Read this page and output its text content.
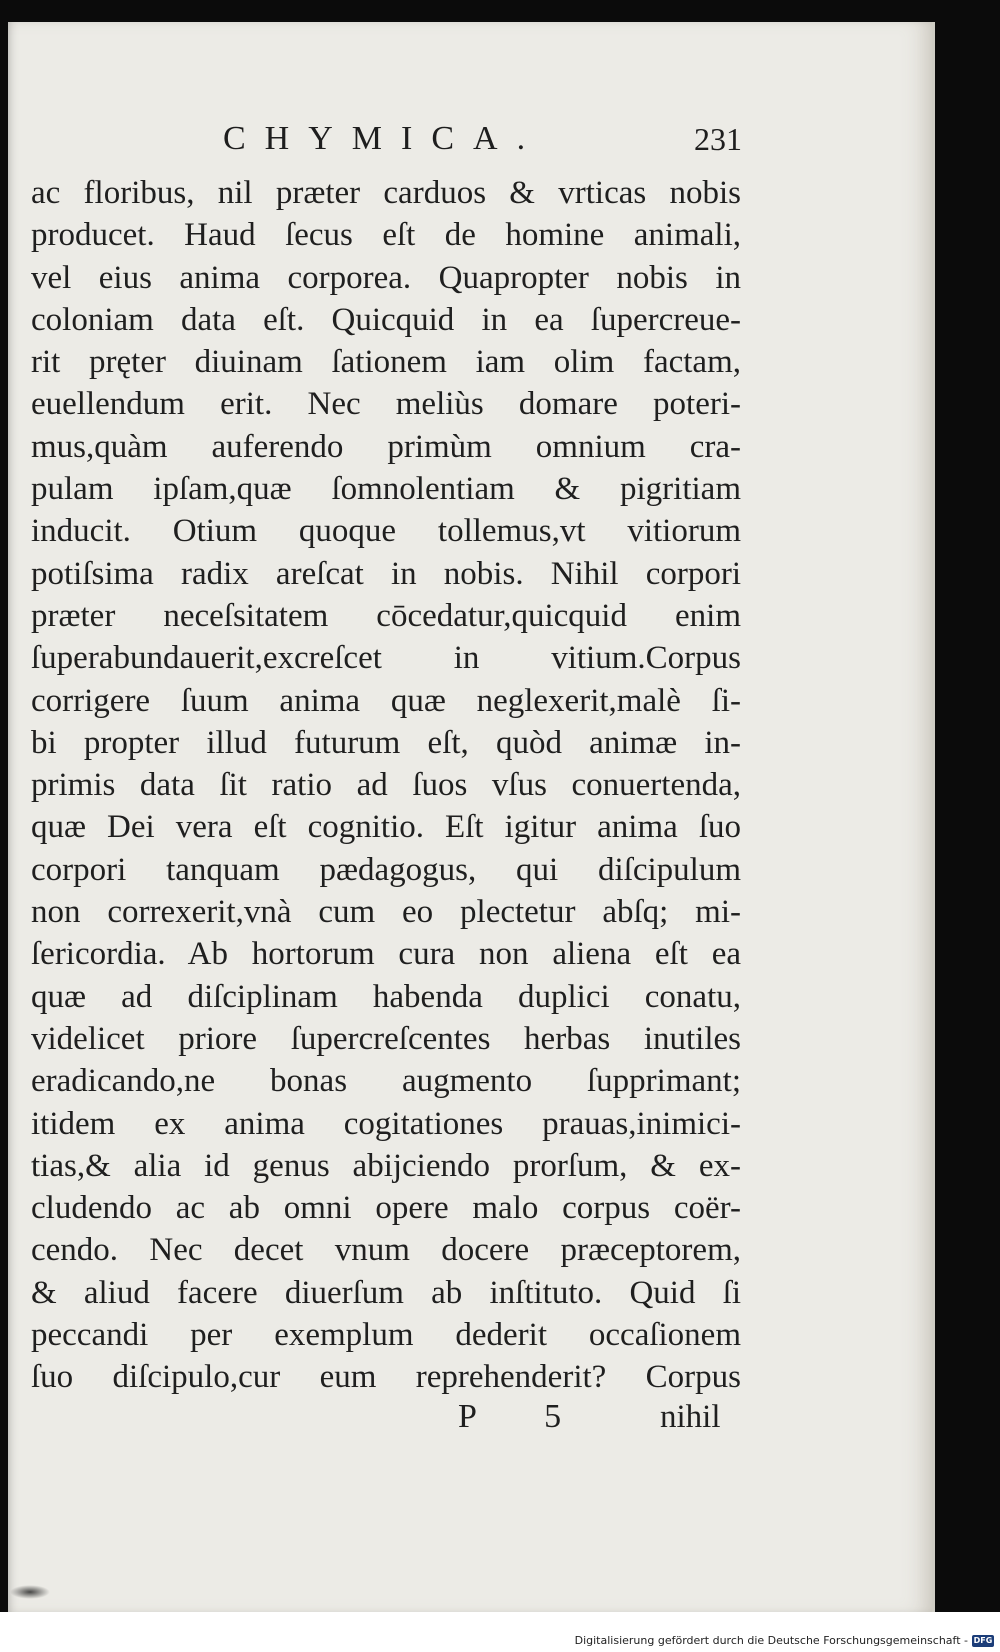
CHYMICA.	231
ac floribus, nil præter carduos & vrticas nobis
producet. Haud ſecus eſt de homine animali,
vel eius anima corporea. Quapropter nobis in
coloniam data eſt. Quicquid in ea ſupercreue-
rit pręter diuinam ſationem iam olim factam,
euellendum erit. Nec meliùs domare poteri-
mus,quàm auferendo primùm omnium cra-
pulam ipſam,quæ ſomnolentiam & pigritiam
inducit. Otium quoque tollemus,vt vitiorum
potiſsima radix areſcat in nobis. Nihil corpori
præter neceſsitatem cōcedatur,quicquid enim
ſuperabundauerit,excreſcet in vitium.Corpus
corrigere ſuum anima quæ neglexerit,malè ſi-
bi propter illud futurum eſt, quòd animæ in-
primis data ſit ratio ad ſuos vſus conuertenda,
quæ Dei vera eſt cognitio. Eſt igitur anima ſuo
corpori tanquam pædagogus, qui diſcipulum
non correxerit,vnà cum eo plectetur abſq; mi-
ſericordia. Ab hortorum cura non aliena eſt ea
quæ ad diſciplinam habenda duplici conatu,
videlicet priore ſupercreſcentes herbas inutiles
eradicando,ne bonas augmento ſupprimant;
itidem ex anima cogitationes prauas,inimici-
tias,& alia id genus abijciendo prorſum, & ex-
cludendo ac ab omni opere malo corpus coër-
cendo. Nec decet vnum docere præceptorem,
& aliud facere diuerſum ab inſtituto. Quid ſi
peccandi per exemplum dederit occaſionem
ſuo diſcipulo,cur eum reprehenderit? Corpus
P 5 nihil
Digitalisierung gefördert durch die Deutsche Forschungsgemeinschaft - DFG
